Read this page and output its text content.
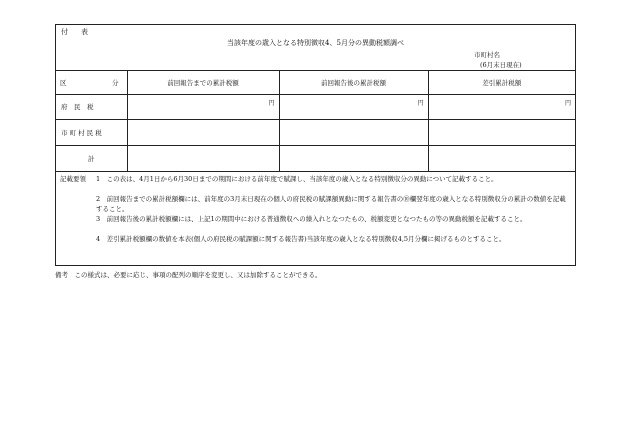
付　表
当該年度の歳入となる特別徴収4、5月分の異動税額調べ
市町村名
(6月末日現在)
区 分	前回報告までの累計税額	前回報告後の累計税額	差引累計税額
府　民　税	円	円	円

市 町 村 民 税			
計			
記載要領 1　この表は、4月1日から6月30日までの期間における前年度で賦課し、当該年度の歳入となる特別徴収分の異動について記載すること。
2　前回報告までの累計税額欄には、前年度の3月末日現在の個人の府民税の賦課額異動に関する報告書の⑩欄翌年度の歳入となる特別徴収分の累計の数値を記載すること。
3　前回報告後の累計税額欄には、上記1の期間中における普通徴収への繰入れとなつたもの、税額変更となつたもの等の異動税額を記載すること。
4　差引累計税額欄の数値を本表(個人の府民税の賦課額に関する報告書)当該年度の歳入となる特別徴収4,5月分欄に掲げるものとすること。
備考　この様式は、必要に応じ、事項の配列の順序を変更し、又は加除することができる。
